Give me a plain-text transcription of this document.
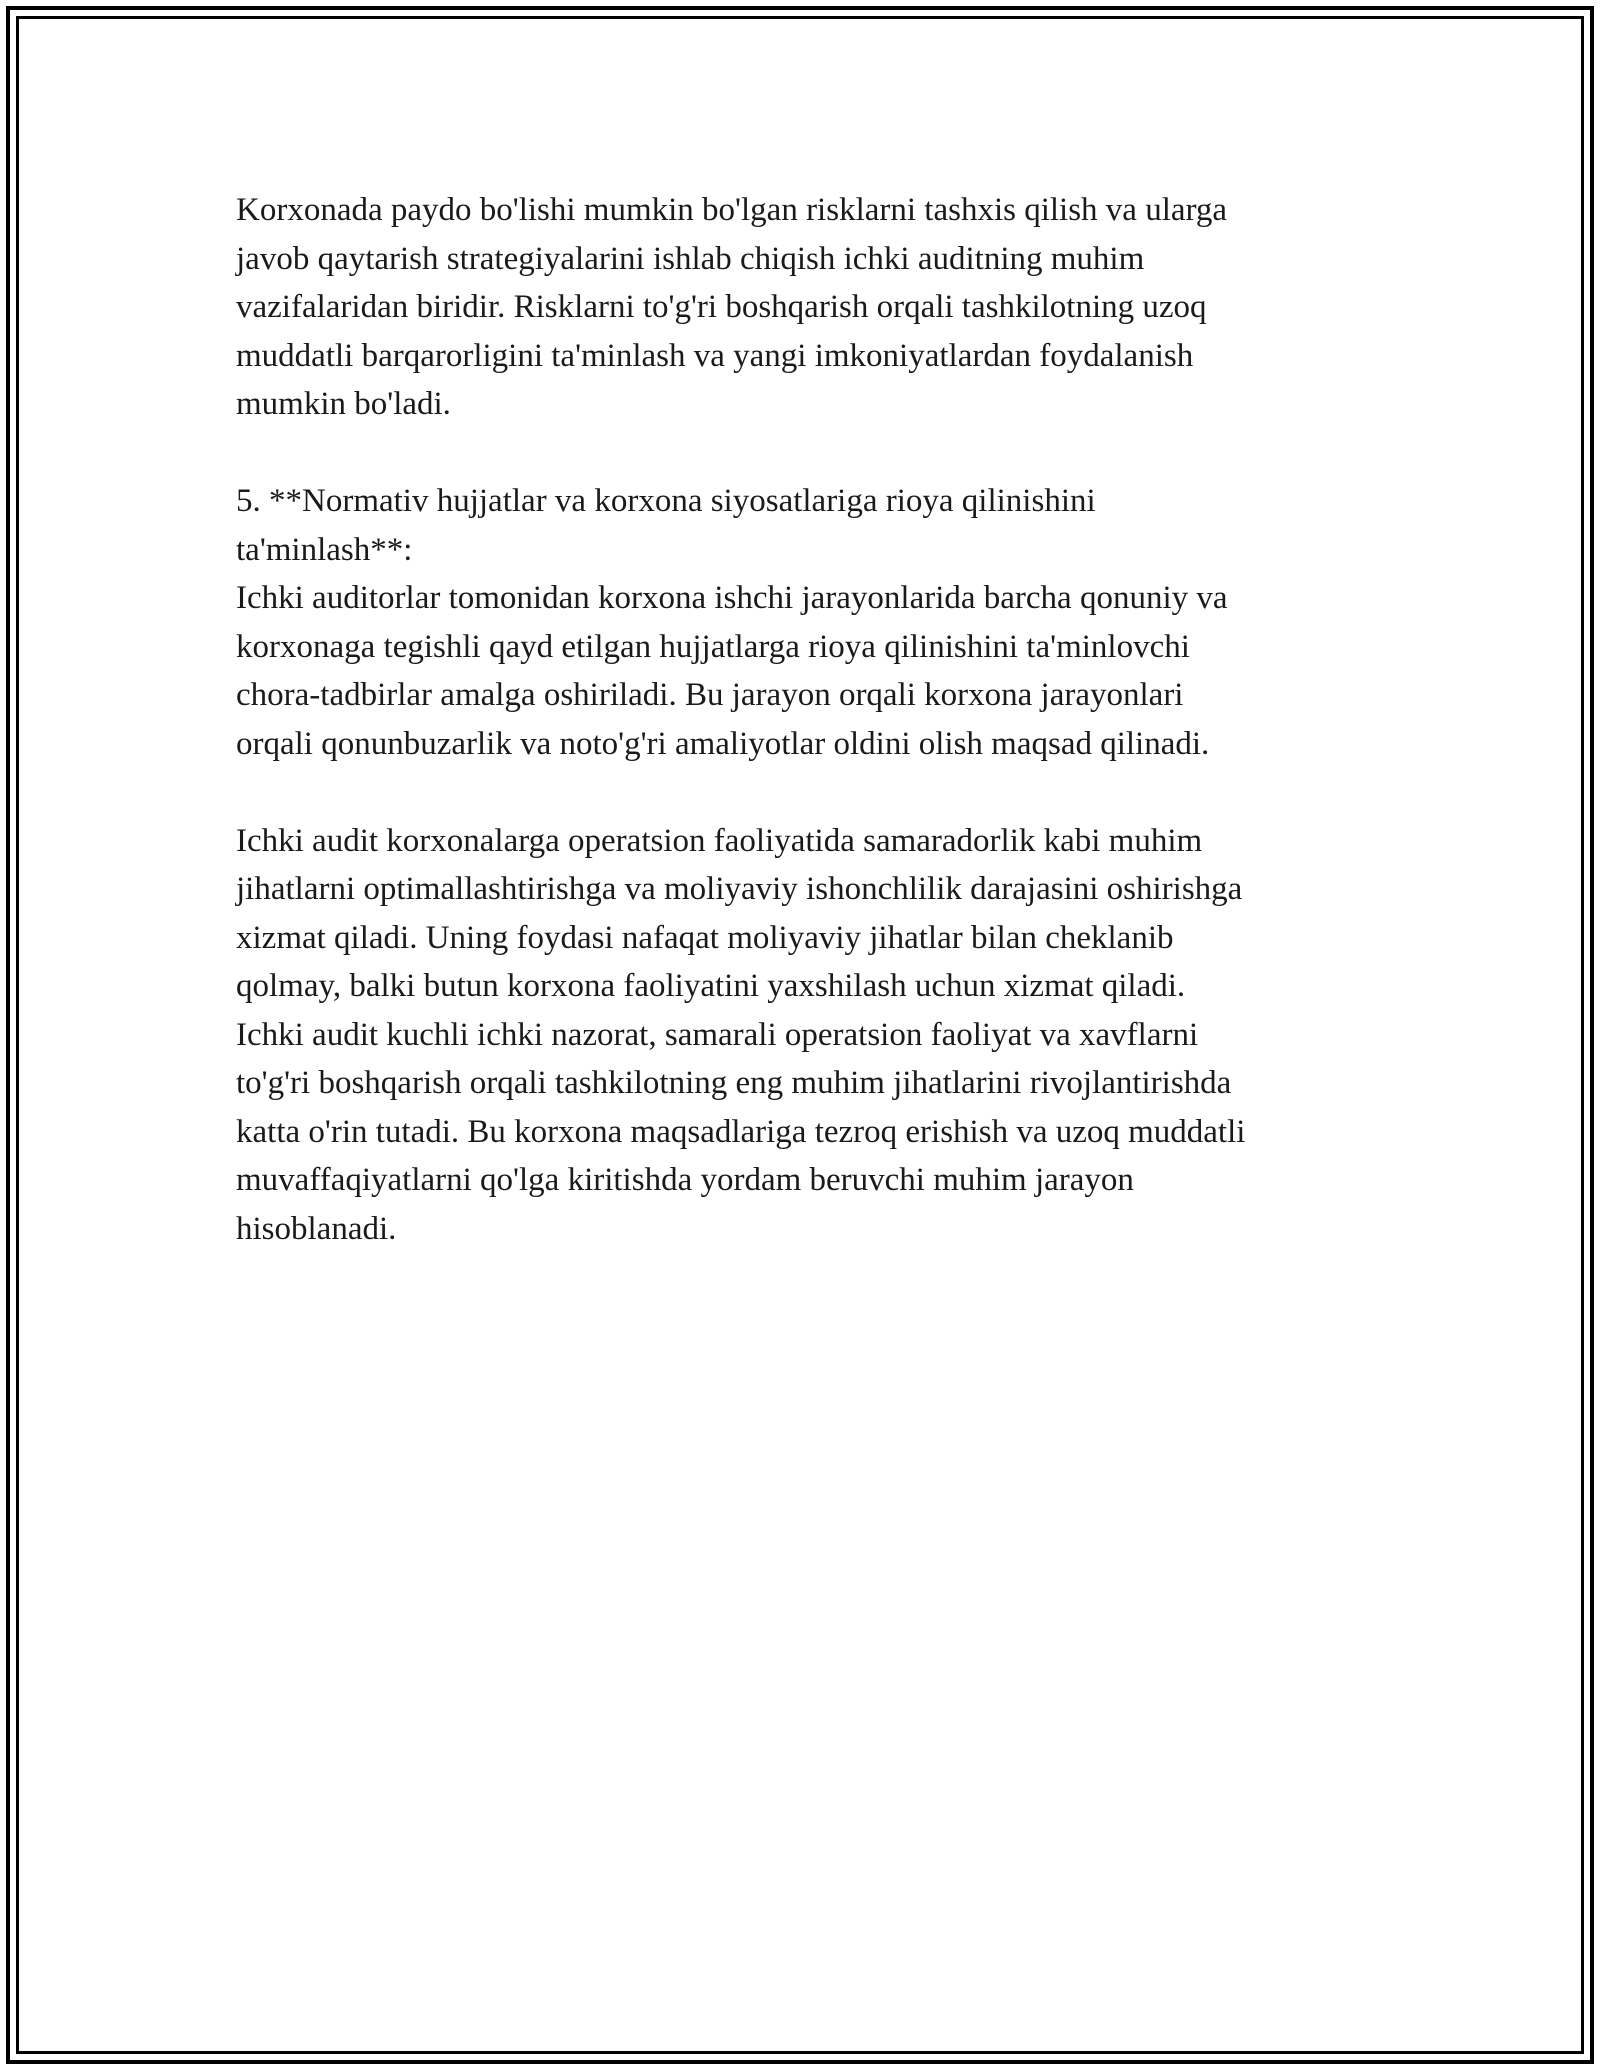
Korxonada paydo bo'lishi mumkin bo'lgan risklarni tashxis qilish va ularga
javob qaytarish strategiyalarini ishlab chiqish ichki auditning muhim
vazifalaridan biridir. Risklarni to'g'ri boshqarish orqali tashkilotning uzoq
muddatli barqarorligini ta'minlash va yangi imkoniyatlardan foydalanish
mumkin bo'ladi.

5. **Normativ hujjatlar va korxona siyosatlariga rioya qilinishini
ta'minlash**:
Ichki auditorlar tomonidan korxona ishchi jarayonlarida barcha qonuniy va
korxonaga tegishli qayd etilgan hujjatlarga rioya qilinishini ta'minlovchi
chora-tadbirlar amalga oshiriladi. Bu jarayon orqali korxona jarayonlari
orqali qonunbuzarlik va noto'g'ri amaliyotlar oldini olish maqsad qilinadi.

Ichki audit korxonalarga operatsion faoliyatida samaradorlik kabi muhim
jihatlarni optimallashtirishga va moliyaviy ishonchlilik darajasini oshirishga
xizmat qiladi. Uning foydasi nafaqat moliyaviy jihatlar bilan cheklanib
qolmay, balki butun korxona faoliyatini yaxshilash uchun xizmat qiladi.
Ichki audit kuchli ichki nazorat, samarali operatsion faoliyat va xavflarni
to'g'ri boshqarish orqali tashkilotning eng muhim jihatlarini rivojlantirishda
katta o'rin tutadi. Bu korxona maqsadlariga tezroq erishish va uzoq muddatli
muvaffaqiyatlarni qo'lga kiritishda yordam beruvchi muhim jarayon
hisoblanadi.
